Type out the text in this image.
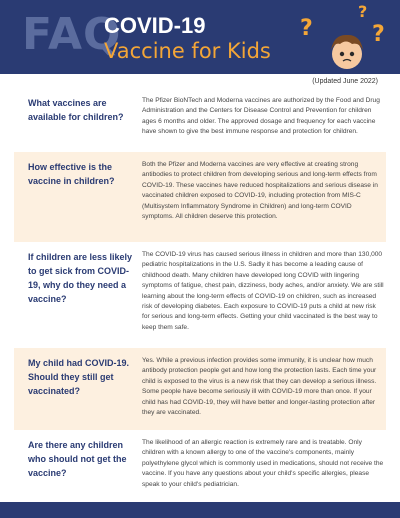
FAQ
COVID-19
Vaccine for Kids
?
?
?
(Updated June 2022)
What vaccines are available for children?
The Pfizer BioNTech and Moderna vaccines are authorized by the Food and Drug Administration and the Centers for Disease Control and Prevention for children ages 6 months and older. The approved dosage and frequency for each vaccine have shown to give the best immune response and protection for children.
How effective is the vaccine in children?
Both the Pfizer and Moderna vaccines are very effective at creating strong antibodies to protect children from developing serious and long-term effects from COVID-19. These vaccines have reduced hospitalizations and serious disease in vaccinated children exposed to COVID-19, including protection from MIS-C (Multisystem Inflammatory Syndrome in Children) and long-term COVID symptoms. All children deserve this protection.
If children are less likely to get sick from COVID-19, why do they need a vaccine?
The COVID-19 virus has caused serious illness in children and more than 130,000 pediatric hospitalizations in the U.S. Sadly it has become a leading cause of childhood death. Many children have developed long COVID with lingering symptoms of fatigue, chest pain, dizziness, body aches, and/or anxiety. We are still learning about the long-term effects of COVID-19 on children, such as increased risk of developing diabetes. Each exposure to COVID-19 puts a child at new risk for serious and long-term effects. Getting your child vaccinated is the best way to keep them safe.
My child had COVID-19. Should they still get vaccinated?
Yes. While a previous infection provides some immunity, it is unclear how much antibody protection people get and how long the protection lasts. Each time your child is exposed to the virus is a new risk that they can develop a serious illness. Some people have become seriously ill with COVID-19 more than once. If your child has had COVID-19, they will have better and longer-lasting protection after they are vaccinated.
Are there any children who should not get the vaccine?
The likelihood of an allergic reaction is extremely rare and is treatable. Only children with a known allergy to one of the vaccine's components, mainly polyethylene glycol which is commonly used in medications, should not receive the vaccine. If you have any questions about your child's specific allergies, please speak to your child's pediatrician.
